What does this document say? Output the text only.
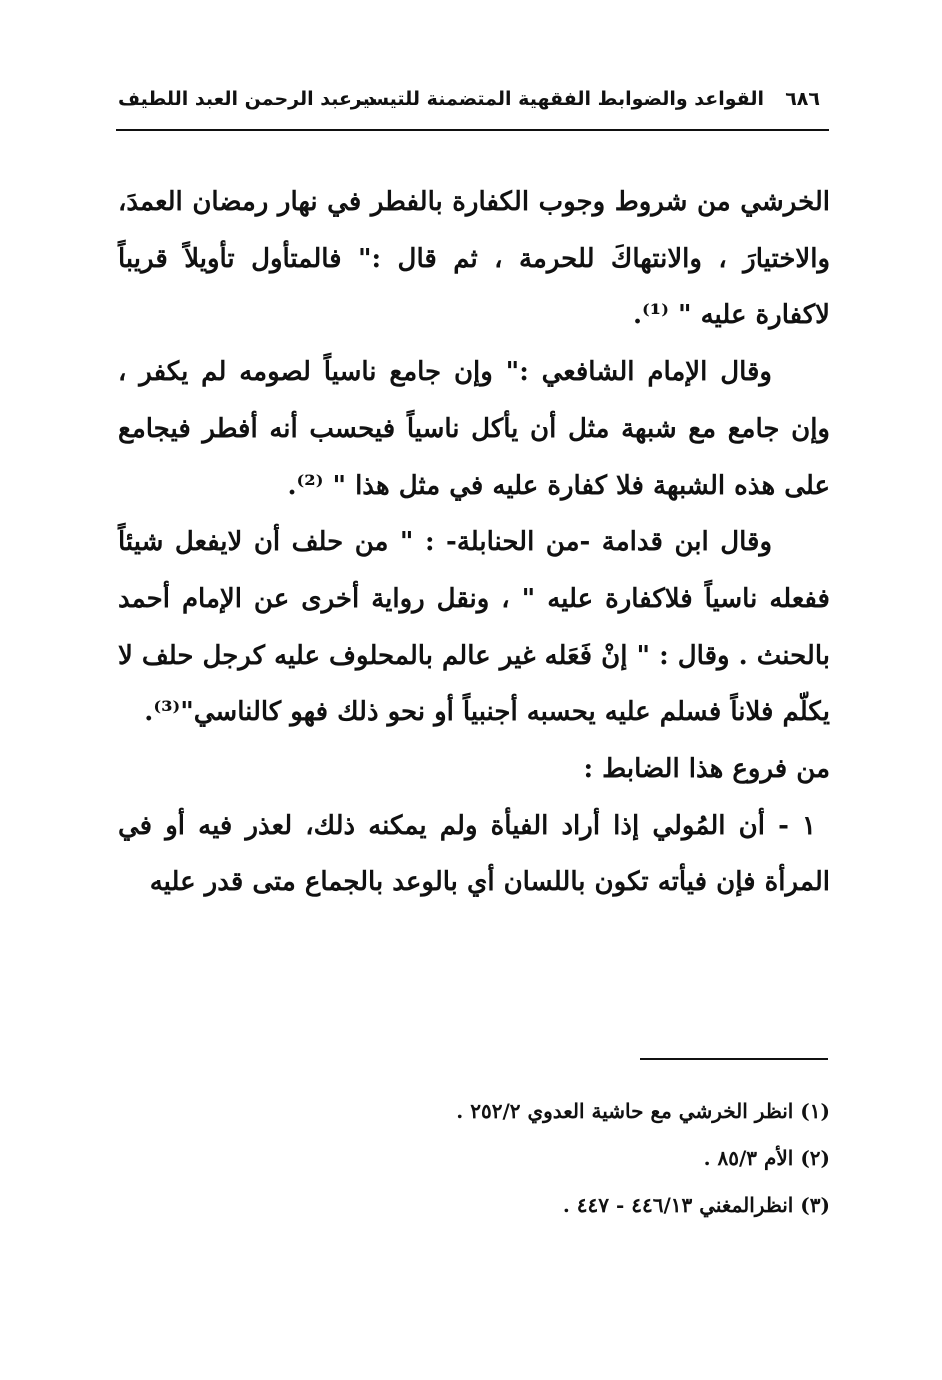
٦٨٦
القواعد والضوابط الفقهية المتضمنة للتيسير
د. عبد الرحمن العبد اللطيف

الخرشي من شروط وجوب الكفارة بالفطر في نهار رمضان العمدَ، والاختيارَ ، والانتهاكَ للحرمة ، ثم قال :" فالمتأول تأويلاً قريباً لاكفارة عليه " ⁽¹⁾.

وقال الإمام الشافعي :" وإن جامع ناسياً لصومه لم يكفر ، وإن جامع مع شبهة مثل أن يأكل ناسياً فيحسب أنه أفطر فيجامع على هذه الشبهة فلا كفارة عليه في مثل هذا " ⁽²⁾.

وقال ابن قدامة -من الحنابلة- : " من حلف أن لايفعل شيئاً ففعله ناسياً فلاكفارة عليه " ، ونقل رواية أخرى عن الإمام أحمد بالحنث . وقال : " إنْ فَعَله غير عالم بالمحلوف عليه كرجل حلف لا يكلّم فلاناً فسلم عليه يحسبه أجنبياً أو نحو ذلك فهو كالناسي"⁽³⁾.

من فروع هذا الضابط :

١ - أن المُولي إذا أراد الفيأة ولم يمكنه ذلك، لعذر فيه أو في المرأة فإن فيأته تكون باللسان أي بالوعد بالجماع متى قدر عليه

(١) انظر الخرشي مع حاشية العدوي ٢٥٢/٢ .

(٢) الأم ٨٥/٣ .

(٣) انظرالمغني ٤٤٦/١٣ - ٤٤٧ .
